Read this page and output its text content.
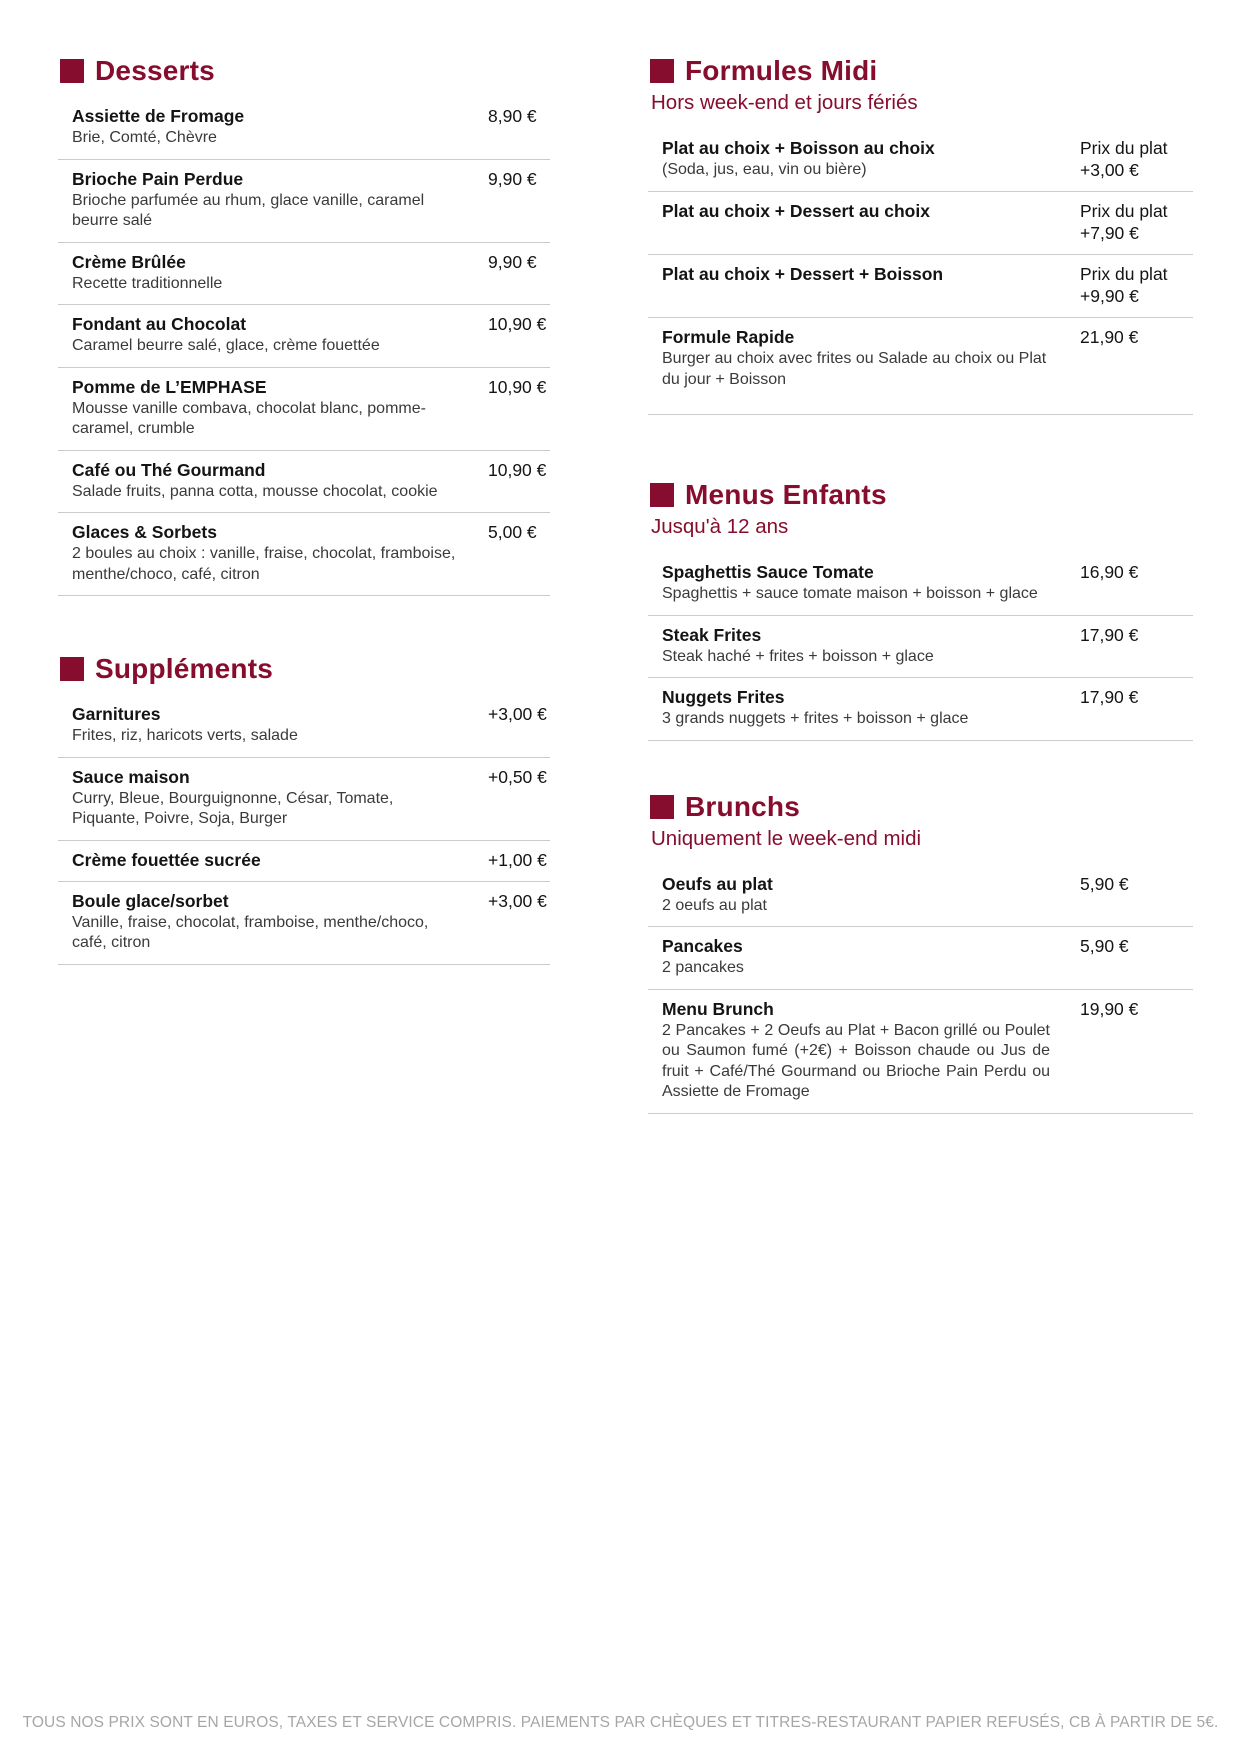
Desserts
Assiette de Fromage
Brie, Comté, Chèvre
8,90 €
Brioche Pain Perdue
Brioche parfumée au rhum, glace vanille, caramel beurre salé
9,90 €
Crème Brûlée
Recette traditionnelle
9,90 €
Fondant au Chocolat
Caramel beurre salé, glace, crème fouettée
10,90 €
Pomme de L’EMPHASE
Mousse vanille combava, chocolat blanc, pomme-caramel, crumble
10,90 €
Café ou Thé Gourmand
Salade fruits, panna cotta, mousse chocolat, cookie
10,90 €
Glaces & Sorbets
2 boules au choix : vanille, fraise, chocolat, framboise, menthe/choco, café, citron
5,00 €
Suppléments
Garnitures
Frites, riz, haricots verts, salade
+3,00 €
Sauce maison
Curry, Bleue, Bourguignonne, César, Tomate, Piquante, Poivre, Soja, Burger
+0,50 €
Crème fouettée sucrée	+1,00 €
Boule glace/sorbet
Vanille, fraise, chocolat, framboise, menthe/choco, café, citron
+3,00 €
Formules Midi
Hors week-end et jours fériés
Plat au choix + Boisson au choix
(Soda, jus, eau, vin ou bière)
Prix du plat
+3,00 €
Plat au choix + Dessert au choix	Prix du plat
+7,90 €
Plat au choix + Dessert + Boisson	Prix du plat
+9,90 €
Formule Rapide
Burger au choix avec frites ou Salade au choix ou Plat du jour + Boisson
21,90 €
Menus Enfants
Jusqu'à 12 ans
Spaghettis Sauce Tomate
Spaghettis + sauce tomate maison + boisson + glace
16,90 €
Steak Frites
Steak haché + frites + boisson + glace
17,90 €
Nuggets Frites
3 grands nuggets + frites + boisson + glace
17,90 €
Brunchs
Uniquement le week-end midi
Oeufs au plat
2 oeufs au plat
5,90 €
Pancakes
2 pancakes
5,90 €
Menu Brunch
2 Pancakes + 2 Oeufs au Plat + Bacon grillé ou Poulet ou Saumon fumé (+2€) + Boisson chaude ou Jus de fruit + Café/Thé Gourmand ou Brioche Pain Perdu ou Assiette de Fromage
19,90 €
TOUS NOS PRIX SONT EN EUROS, TAXES ET SERVICE COMPRIS. PAIEMENTS PAR CHÈQUES ET TITRES-RESTAURANT PAPIER REFUSÉS, CB À PARTIR DE 5€.
